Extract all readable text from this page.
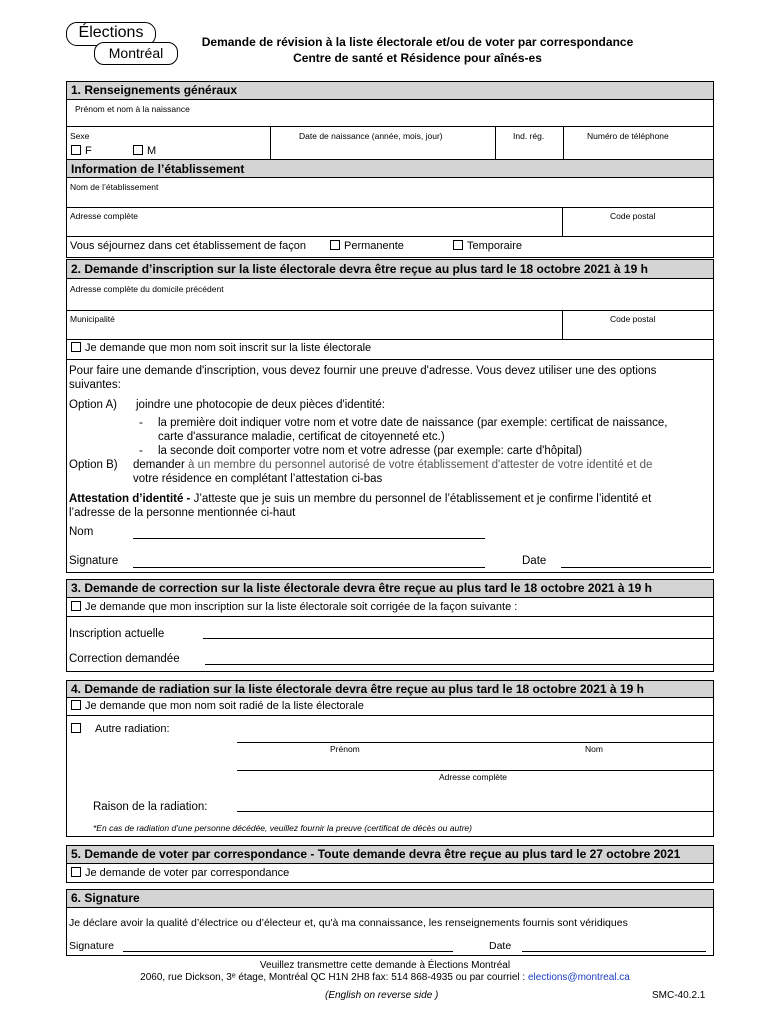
Élections
Montréal
Demande de révision à la liste électorale et/ou de voter par correspondance
Centre de santé et Résidence pour aînés-es
1. Renseignements généraux
Prénom et nom à la naissance
Sexe
F	M
Date de naissance (année, mois, jour)	Ind. rég.	Numéro de téléphone
Information de l’établissement
Nom de l’établissement
Adresse complète	Code postal
Vous séjournez dans cet établissement de façon	Permanente	Temporaire
2. Demande d’inscription sur la liste électorale devra être reçue au plus tard le 18 octobre 2021 à 19 h
Adresse complète du domicile précédent
Municipalité	Code postal
Je demande que mon nom soit inscrit sur la liste électorale
Pour faire une demande d'inscription, vous devez fournir une preuve d'adresse. Vous devez utiliser une des options suivantes:
Option A) joindre une photocopie de deux pièces d'identité:
- la première doit indiquer votre nom et votre date de naissance (par exemple: certificat de naissance,
carte d'assurance maladie, certificat de citoyenneté etc.)
- la seconde doit comporter votre nom et votre adresse (par exemple: carte d'hôpital)
Option B) demander à un membre du personnel autorisé de votre établissement d'attester de votre identité et de
votre résidence en complétant l’attestation ci-bas
Attestation d’identité - J’atteste que je suis un membre du personnel de l’établissement et je confirme l’identité et
l’adresse de la personne mentionnée ci-haut
Nom
Signature	Date
3. Demande de correction sur la liste électorale devra être reçue au plus tard le 18 octobre 2021 à 19 h
Je demande que mon inscription sur la liste électorale soit corrigée de la façon suivante :
Inscription actuelle
Correction demandée
4. Demande de radiation sur la liste électorale devra être reçue au plus tard le 18 octobre 2021 à 19 h
Je demande que mon nom soit radié de la liste électorale
Autre radiation:
Prénom	Nom
Adresse complète
Raison de la radiation:
*En cas de radiation d’une personne décédée, veuillez fournir la preuve (certificat de décès ou autre)
5. Demande de voter par correspondance - Toute demande devra être reçue au plus tard le 27 octobre 2021
Je demande de voter par correspondance
6. Signature
Je déclare avoir la qualité d’électrice ou d’électeur et, qu'à ma connaissance, les renseignements fournis sont véridiques
Signature	Date
Veuillez transmettre cette demande à Élections Montréal
2060, rue Dickson, 3ᵉ étage, Montréal QC H1N 2H8 fax: 514 868-4935 ou par courriel : elections@montreal.ca
(English on reverse side )	SMC-40.2.1
